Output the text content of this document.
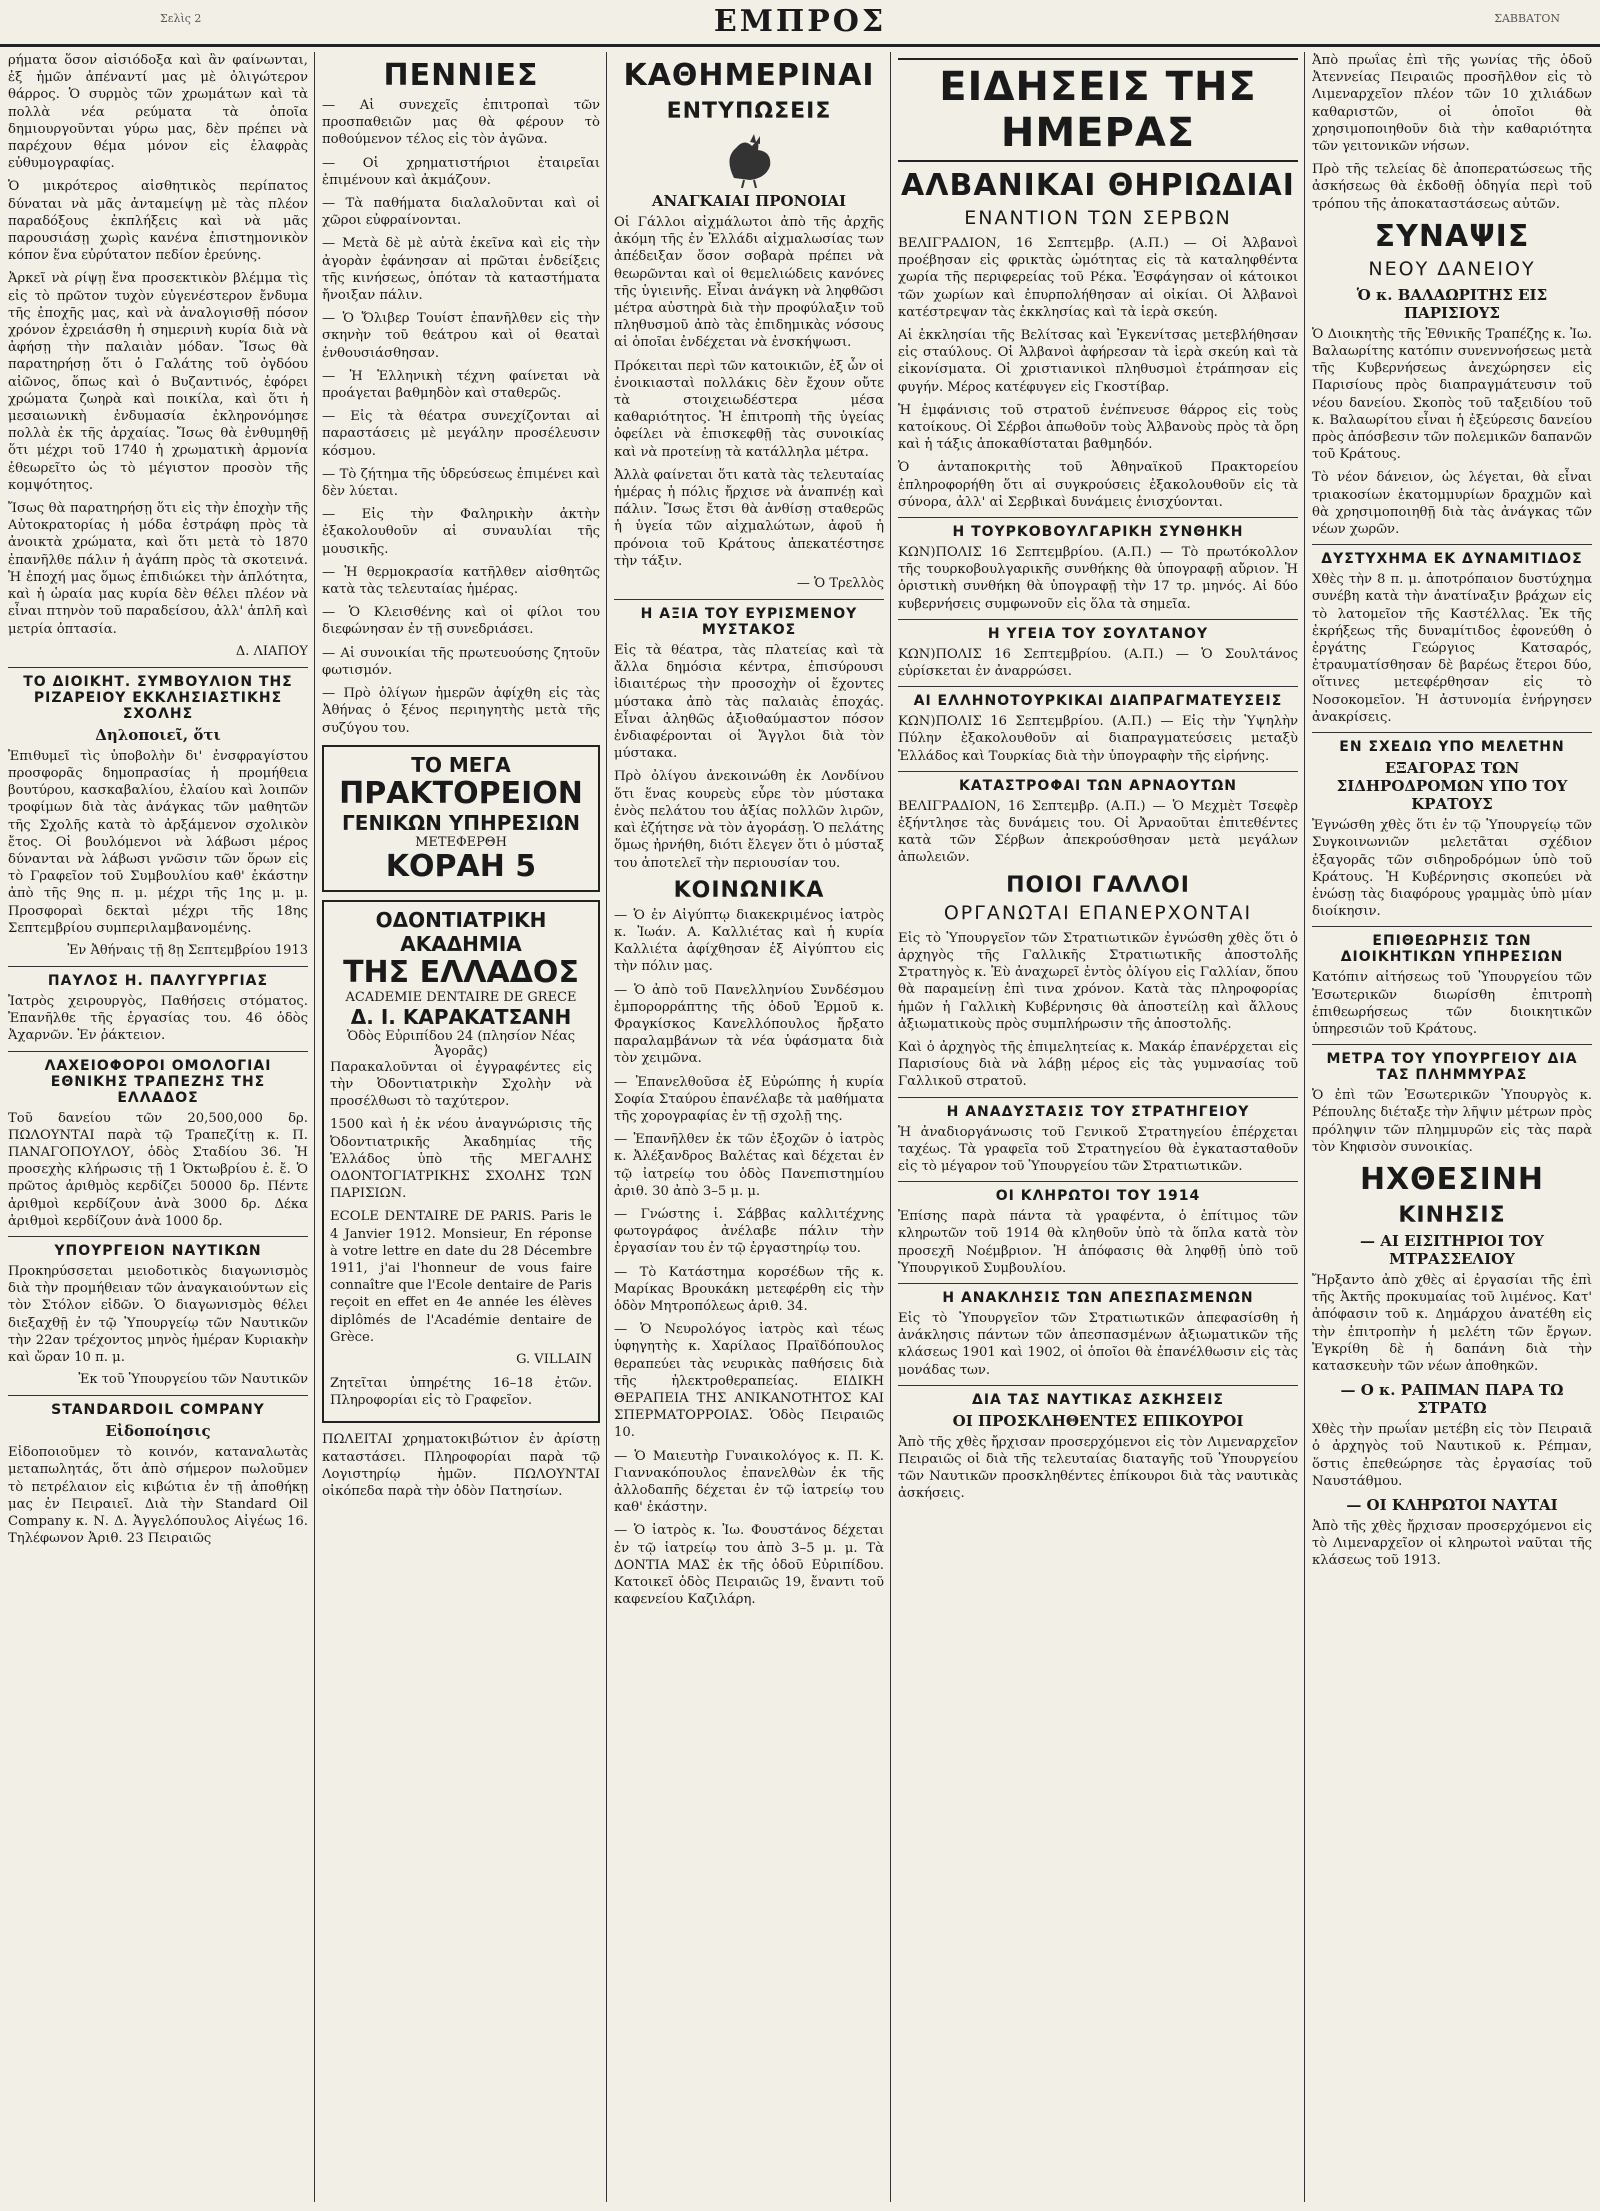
Σελὶς 2	ΕΜΠΡΟΣ	ΣΑΒΒΑΤΟΝ

ρήματα ὅσον αἰσιόδοξα καὶ ἂν φαίνωνται, ἐξ ἡμῶν ἀπέναντί μας μὲ ὀλιγώτερον θάρρος. Ὁ συρμὸς τῶν χρωμάτων καὶ τὰ πολλὰ νέα ρεύματα τὰ ὁποῖα δημιουργοῦνται γύρω μας, δὲν πρέπει νὰ παρέχουν θέμα μόνον εἰς ἐλαφρὰς εὐθυμογραφίας.

Ὁ μικρότερος αἰσθητικὸς περίπατος δύναται νὰ μᾶς ἀνταμείψῃ μὲ τὰς πλέον παραδόξους ἐκπλήξεις καὶ νὰ μᾶς παρουσιάσῃ χωρὶς κανένα ἐπιστημονικὸν κόπον ἕνα εὐρύτατον πεδίον ἐρεύνης.

Ἀρκεῖ νὰ ρίψῃ ἕνα προσεκτικὸν βλέμμα τὶς εἰς τὸ πρῶτον τυχὸν εὐγενέστερον ἔνδυμα τῆς ἐποχῆς μας, καὶ νὰ ἀναλογισθῇ πόσον χρόνον ἐχρειάσθη ἡ σημερινὴ κυρία διὰ νὰ ἀφήσῃ τὴν παλαιὰν μόδαν. Ἴσως θὰ παρατηρήσῃ ὅτι ὁ Γαλάτης τοῦ ὀγδόου αἰῶνος, ὅπως καὶ ὁ Βυζαντινός, ἐφόρει χρώματα ζωηρὰ καὶ ποικίλα, καὶ ὅτι ἡ μεσαιωνικὴ ἐνδυμασία ἐκληρονόμησε πολλὰ ἐκ τῆς ἀρχαίας. Ἴσως θὰ ἐνθυμηθῇ ὅτι μέχρι τοῦ 1740 ἡ χρωματικὴ ἀρμονία ἐθεωρεῖτο ὡς τὸ μέγιστον προσὸν τῆς κομψότητος.

Ἴσως θὰ παρατηρήσῃ ὅτι εἰς τὴν ἐποχὴν τῆς Αὐτοκρατορίας ἡ μόδα ἐστράφη πρὸς τὰ ἀνοικτὰ χρώματα, καὶ ὅτι μετὰ τὸ 1870 ἐπανῆλθε πάλιν ἡ ἀγάπη πρὸς τὰ σκοτεινά. Ἡ ἐποχή μας ὅμως ἐπιδιώκει τὴν ἁπλότητα, καὶ ἡ ὡραία μας κυρία δὲν θέλει πλέον νὰ εἶναι πτηνὸν τοῦ παραδείσου, ἀλλ' ἁπλῆ καὶ μετρία ὀπτασία.

Δ. ΛΙΑΠΟΥ

ΤΟ ΔΙΟΙΚΗΤ. ΣΥΜΒΟΥΛΙΟΝ ΤΗΣ ΡΙΖΑΡΕΙΟΥ ΕΚΚΛΗΣΙΑΣΤΙΚΗΣ ΣΧΟΛΗΣ
Δηλοποιεῖ, ὅτι

Ἐπιθυμεῖ τὶς ὑποβολὴν δι' ἐνσφραγίστου προσφορᾶς δημοπρασίας ἡ προμήθεια βουτύρου, κασκαβαλίου, ἐλαίου καὶ λοιπῶν τροφίμων διὰ τὰς ἀνάγκας τῶν μαθητῶν τῆς Σχολῆς κατὰ τὸ ἀρξάμενον σχολικὸν ἔτος. Οἱ βουλόμενοι νὰ λάβωσι μέρος δύνανται νὰ λάβωσι γνῶσιν τῶν ὅρων εἰς τὸ Γραφεῖον τοῦ Συμβουλίου καθ' ἑκάστην ἀπὸ τῆς 9ης π. μ. μέχρι τῆς 1ης μ. μ. Προσφοραὶ δεκταὶ μέχρι τῆς 18ης Σεπτεμβρίου συμπεριλαμβανομένης.

Ἐν Ἀθήναις τῇ 8ῃ Σεπτεμβρίου 1913

ΠΑΥΛΟΣ Η. ΠΑΛΥΓΥΡΓΙΑΣ

Ἰατρὸς χειρουργὸς, Παθήσεις στόματος. Ἐπανῆλθε τῆς ἐργασίας του. 46 ὁδὸς Ἀχαρνῶν. Ἐν ῥάκτειον.

ΛΑΧΕΙΟΦΟΡΟΙ ΟΜΟΛΟΓΙΑΙ ΕΘΝΙΚΗΣ ΤΡΑΠΕΖΗΣ ΤΗΣ ΕΛΛΑΔΟΣ

Τοῦ δανείου τῶν 20,500,000 δρ. ΠΩΛΟΥΝΤΑΙ παρὰ τῷ Τραπεζίτῃ κ. Π. ΠΑΝΑΓΟΠΟΥΛΟΥ, ὁδὸς Σταδίου 36. Ἡ προσεχὴς κλήρωσις τῇ 1 Ὀκτωβρίου ἐ. ἔ. Ὁ πρῶτος ἀριθμὸς κερδίζει 50000 δρ. Πέντε ἀριθμοὶ κερδίζουν ἀνὰ 3000 δρ. Δέκα ἀριθμοὶ κερδίζουν ἀνὰ 1000 δρ.

ΥΠΟΥΡΓΕΙΟΝ ΝΑΥΤΙΚΩΝ

Προκηρύσσεται μειοδοτικὸς διαγωνισμὸς διὰ τὴν προμήθειαν τῶν ἀναγκαιούντων εἰς τὸν Στόλον εἰδῶν. Ὁ διαγωνισμὸς θέλει διεξαχθῇ ἐν τῷ Ὑπουργείῳ τῶν Ναυτικῶν τὴν 22αν τρέχοντος μηνὸς ἡμέραν Κυριακὴν καὶ ὥραν 10 π. μ.

Ἐκ τοῦ Ὑπουργείου τῶν Ναυτικῶν

STANDARDOIL COMPANY
Εἰδοποίησις

Εἰδοποιοῦμεν τὸ κοινόν, καταναλωτὰς μεταπωλητάς, ὅτι ἀπὸ σήμερον πωλοῦμεν τὸ πετρέλαιον εἰς κιβώτια ἐν τῇ ἀποθήκῃ μας ἐν Πειραιεῖ. Διὰ τὴν Standard Oil Company κ. Ν. Δ. Ἀγγελόπουλος Αἰγέως 16. Τηλέφωνον Ἀριθ. 23 Πειραιῶς

ΠΕΝΝΙΕΣ

— Αἱ συνεχεῖς ἐπιτροπαὶ τῶν προσπαθειῶν μας θὰ φέρουν τὸ ποθούμενον τέλος εἰς τὸν ἀγῶνα.

— Οἱ χρηματιστήριοι ἐταιρεῖαι ἐπιμένουν καὶ ἀκμάζουν.

— Τὰ παθήματα διαλαλοῦνται καὶ οἱ χῶροι εὐφραίνονται.

— Μετὰ δὲ μὲ αὐτὰ ἐκεῖνα καὶ εἰς τὴν ἀγορὰν ἐφάνησαν αἱ πρῶται ἐνδείξεις τῆς κινήσεως, ὁπόταν τὰ καταστήματα ἤνοιξαν πάλιν.

— Ὁ Ὄλιβερ Τουίστ ἐπανῆλθεν εἰς τὴν σκηνὴν τοῦ θεάτρου καὶ οἱ θεαταὶ ἐνθουσιάσθησαν.

— Ἡ Ἑλληνικὴ τέχνη φαίνεται νὰ προάγεται βαθμηδὸν καὶ σταθερῶς.

— Εἰς τὰ θέατρα συνεχίζονται αἱ παραστάσεις μὲ μεγάλην προσέλευσιν κόσμου.

— Τὸ ζήτημα τῆς ὑδρεύσεως ἐπιμένει καὶ δὲν λύεται.

— Εἰς τὴν Φαληρικὴν ἀκτὴν ἐξακολουθοῦν αἱ συναυλίαι τῆς μουσικῆς.

— Ἡ θερμοκρασία κατῆλθεν αἰσθητῶς κατὰ τὰς τελευταίας ἡμέρας.

— Ὁ Κλεισθένης καὶ οἱ φίλοι του διεφώνησαν ἐν τῇ συνεδριάσει.

— Αἱ συνοικίαι τῆς πρωτευούσης ζητοῦν φωτισμόν.

— Πρὸ ὀλίγων ἡμερῶν ἀφίχθη εἰς τὰς Ἀθήνας ὁ ξένος περιηγητὴς μετὰ τῆς συζύγου του.

ΤΟ ΜΕΓΑ
ΠΡΑΚΤΟΡΕΙΟΝ
ΓΕΝΙΚΩΝ ΥΠΗΡΕΣΙΩΝ
ΜΕΤΕΦΕΡΘΗ
ΚΟΡΑΗ 5
ΟΔΟΝΤΙΑΤΡΙΚΗ ΑΚΑΔΗΜΙΑ
ΤΗΣ ΕΛΛΑΔΟΣ
ACADEMIE DENTAIRE DE GRECE
Δ. Ι. ΚΑΡΑΚΑΤΣΑΝΗ
Ὁδὸς Εὐριπίδου 24 (πλησίον Νέας Ἀγορᾶς)

Παρακαλοῦνται οἱ ἐγγραφέντες εἰς τὴν Ὀδοντιατρικὴν Σχολὴν νὰ προσέλθωσι τὸ ταχύτερον.

1500 καὶ ἡ ἐκ νέου ἀναγνώρισις τῆς Ὀδοντιατρικῆς Ἀκαδημίας τῆς Ἑλλάδος ὑπὸ τῆς ΜΕΓΑΛΗΣ ΟΔΟΝΤΟΓΙΑΤΡΙΚΗΣ ΣΧΟΛΗΣ ΤΩΝ ΠΑΡΙΣΙΩΝ.

ECOLE DENTAIRE DE PARIS. Paris le 4 Janvier 1912. Monsieur, En réponse à votre lettre en date du 28 Décembre 1911, j'ai l'honneur de vous faire connaître que l'Ecole dentaire de Paris reçoit en effet en 4e année les élèves diplômés de l'Académie dentaire de Grèce.

G. VILLAIN

Ζητεῖται ὑπηρέτης 16–18 ἐτῶν. Πληροφορίαι εἰς τὸ Γραφεῖον.

ΠΩΛΕΙΤΑΙ χρηματοκιβώτιον ἐν ἀρίστῃ καταστάσει. Πληροφορίαι παρὰ τῷ Λογιστηρίῳ ἡμῶν. ΠΩΛΟΥΝΤΑΙ οἰκόπεδα παρὰ τὴν ὁδὸν Πατησίων.

ΚΑΘΗΜΕΡΙΝΑΙ
ΕΝΤΥΠΩΣΕΙΣ
ΑΝΑΓΚΑΙΑΙ ΠΡΟΝΟΙΑΙ

Οἱ Γάλλοι αἰχμάλωτοι ἀπὸ τῆς ἀρχῆς ἀκόμη τῆς ἐν Ἑλλάδι αἰχμαλωσίας των ἀπέδειξαν ὅσον σοβαρὰ πρέπει νὰ θεωρῶνται καὶ οἱ θεμελιώδεις κανόνες τῆς ὑγιεινῆς. Εἶναι ἀνάγκη νὰ ληφθῶσι μέτρα αὐστηρὰ διὰ τὴν προφύλαξιν τοῦ πληθυσμοῦ ἀπὸ τὰς ἐπιδημικὰς νόσους αἱ ὁποῖαι ἐνδέχεται νὰ ἐνσκήψωσι.

Πρόκειται περὶ τῶν κατοικιῶν, ἐξ ὧν οἱ ἐνοικιασταὶ πολλάκις δὲν ἔχουν οὔτε τὰ στοιχειωδέστερα μέσα καθαριότητος. Ἡ ἐπιτροπὴ τῆς ὑγείας ὀφείλει νὰ ἐπισκεφθῇ τὰς συνοικίας καὶ νὰ προτείνῃ τὰ κατάλληλα μέτρα.

Ἀλλὰ φαίνεται ὅτι κατὰ τὰς τελευταίας ἡμέρας ἡ πόλις ἤρχισε νὰ ἀναπνέῃ καὶ πάλιν. Ἴσως ἔτσι θὰ ἀνθίσῃ σταθερῶς ἡ ὑγεία τῶν αἰχμαλώτων, ἀφοῦ ἡ πρόνοια τοῦ Κράτους ἀπεκατέστησε τὴν τάξιν.

— Ὁ Τρελλὸς

Η ΑΞΙΑ ΤΟΥ ΕΥΡΙΣΜΕΝΟΥ ΜΥΣΤΑΚΟΣ

Εἰς τὰ θέατρα, τὰς πλατείας καὶ τὰ ἄλλα δημόσια κέντρα, ἐπισύρουσι ἰδιαιτέρως τὴν προσοχὴν οἱ ἔχοντες μύστακα ἀπὸ τὰς παλαιὰς ἐποχάς. Εἶναι ἀληθῶς ἀξιοθαύμαστον πόσον ἐνδιαφέρονται οἱ Ἄγγλοι διὰ τὸν μύστακα.

Πρὸ ὀλίγου ἀνεκοινώθη ἐκ Λονδίνου ὅτι ἕνας κουρεὺς εὗρε τὸν μύστακα ἑνὸς πελάτου του ἀξίας πολλῶν λιρῶν, καὶ ἐζήτησε νὰ τὸν ἀγοράσῃ. Ὁ πελάτης ὅμως ἠρνήθη, διότι ἔλεγεν ὅτι ὁ μύσταξ του ἀποτελεῖ τὴν περιουσίαν του.

ΚΟΙΝΩΝΙΚΑ

— Ὁ ἐν Αἰγύπτῳ διακεκριμένος ἰατρὸς κ. Ἰωάν. Α. Καλλιέτας καὶ ἡ κυρία Καλλιέτα ἀφίχθησαν ἐξ Αἰγύπτου εἰς τὴν πόλιν μας.

— Ὁ ἀπὸ τοῦ Πανελληνίου Συνδέσμου ἐμπορορράπτης τῆς ὁδοῦ Ἑρμοῦ κ. Φραγκίσκος Κανελλόπουλος ἤρξατο παραλαμβάνων τὰ νέα ὑφάσματα διὰ τὸν χειμῶνα.

— Ἐπανελθοῦσα ἐξ Εὐρώπης ἡ κυρία Σοφία Σταύρου ἐπανέλαβε τὰ μαθήματα τῆς χορογραφίας ἐν τῇ σχολῇ της.

— Ἐπανῆλθεν ἐκ τῶν ἐξοχῶν ὁ ἰατρὸς κ. Ἀλέξανδρος Βαλέτας καὶ δέχεται ἐν τῷ ἰατρείῳ του ὁδὸς Πανεπιστημίου ἀριθ. 30 ἀπὸ 3–5 μ. μ.

— Γνώστης ἱ. Σάββας καλλιτέχνης φωτογράφος ἀνέλαβε πάλιν τὴν ἐργασίαν του ἐν τῷ ἐργαστηρίῳ του.

— Τὸ Κατάστημα κορσέδων τῆς κ. Μαρίκας Βρουκάκη μετεφέρθη εἰς τὴν ὁδὸν Μητροπόλεως ἀριθ. 34.

— Ὁ Νευρολόγος ἰατρὸς καὶ τέως ὑφηγητὴς κ. Χαρίλαος Πραϊδόπουλος θεραπεύει τὰς νευρικὰς παθήσεις διὰ τῆς ἠλεκτροθεραπείας. ΕΙΔΙΚΗ ΘΕΡΑΠΕΙΑ ΤΗΣ ΑΝΙΚΑΝΟΤΗΤΟΣ ΚΑΙ ΣΠΕΡΜΑΤΟΡΡΟΙΑΣ. Ὁδὸς Πειραιῶς 10.

— Ὁ Μαιευτὴρ Γυναικολόγος κ. Π. Κ. Γιαννακόπουλος ἐπανελθὼν ἐκ τῆς ἀλλοδαπῆς δέχεται ἐν τῷ ἰατρείῳ του καθ' ἑκάστην.

— Ὁ ἰατρὸς κ. Ἰω. Φουστάνος δέχεται ἐν τῷ ἰατρείῳ του ἀπὸ 3–5 μ. μ. Τὰ ΔΟΝΤΙΑ ΜΑΣ ἐκ τῆς ὁδοῦ Εὐριπίδου. Κατοικεῖ ὁδὸς Πειραιῶς 19, ἔναντι τοῦ καφενείου Καζιλάρη.

ΕΙΔΗΣΕΙΣ ΤΗΣ ΗΜΕΡΑΣ
ΑΛΒΑΝΙΚΑΙ ΘΗΡΙΩΔΙΑΙ
ΕΝΑΝΤΙΟΝ ΤΩΝ ΣΕΡΒΩΝ

ΒΕΛΙΓΡΑΔΙΟΝ, 16 Σεπτεμβρ. (Α.Π.) — Οἱ Ἀλβανοὶ προέβησαν εἰς φρικτὰς ὠμότητας εἰς τὰ καταληφθέντα χωρία τῆς περιφερείας τοῦ Ρέκα. Ἐσφάγησαν οἱ κάτοικοι τῶν χωρίων καὶ ἐπυρπολήθησαν αἱ οἰκίαι. Οἱ Ἀλβανοὶ κατέστρεψαν τὰς ἐκκλησίας καὶ τὰ ἱερὰ σκεύη.

Αἱ ἐκκλησίαι τῆς Βελίτσας καὶ Ἐγκενίτσας μετεβλήθησαν εἰς σταύλους. Οἱ Ἀλβανοὶ ἀφήρεσαν τὰ ἱερὰ σκεύη καὶ τὰ εἰκονίσματα. Οἱ χριστιανικοὶ πληθυσμοὶ ἐτράπησαν εἰς φυγήν. Μέρος κατέφυγεν εἰς Γκοστίβαρ.

Ἡ ἐμφάνισις τοῦ στρατοῦ ἐνέπνευσε θάρρος εἰς τοὺς κατοίκους. Οἱ Σέρβοι ἀπωθοῦν τοὺς Ἀλβανοὺς πρὸς τὰ ὄρη καὶ ἡ τάξις ἀποκαθίσταται βαθμηδόν.

Ὁ ἀνταποκριτὴς τοῦ Ἀθηναϊκοῦ Πρακτορείου ἐπληροφορήθη ὅτι αἱ συγκρούσεις ἐξακολουθοῦν εἰς τὰ σύνορα, ἀλλ' αἱ Σερβικαὶ δυνάμεις ἐνισχύονται.

Η ΤΟΥΡΚΟΒΟΥΛΓΑΡΙΚΗ ΣΥΝΘΗΚΗ

ΚΩΝ)ΠΟΛΙΣ 16 Σεπτεμβρίου. (Α.Π.) — Τὸ πρωτόκολλον τῆς τουρκοβουλγαρικῆς συνθήκης θὰ ὑπογραφῇ αὔριον. Ἡ ὁριστικὴ συνθήκη θὰ ὑπογραφῇ τὴν 17 τρ. μηνός. Αἱ δύο κυβερνήσεις συμφωνοῦν εἰς ὅλα τὰ σημεῖα.

Η ΥΓΕΙΑ ΤΟΥ ΣΟΥΛΤΑΝΟΥ

ΚΩΝ)ΠΟΛΙΣ 16 Σεπτεμβρίου. (Α.Π.) — Ὁ Σουλτάνος εὑρίσκεται ἐν ἀναρρώσει.

ΑΙ ΕΛΛΗΝΟΤΟΥΡΚΙΚΑΙ ΔΙΑΠΡΑΓΜΑΤΕΥΣΕΙΣ

ΚΩΝ)ΠΟΛΙΣ 16 Σεπτεμβρίου. (Α.Π.) — Εἰς τὴν Ὑψηλὴν Πύλην ἐξακολουθοῦν αἱ διαπραγματεύσεις μεταξὺ Ἑλλάδος καὶ Τουρκίας διὰ τὴν ὑπογραφὴν τῆς εἰρήνης.

ΚΑΤΑΣΤΡΟΦΑΙ ΤΩΝ ΑΡΝΑΟΥΤΩΝ

ΒΕΛΙΓΡΑΔΙΟΝ, 16 Σεπτεμβρ. (Α.Π.) — Ὁ Μεχμὲτ Τσεφὲρ ἐξήντλησε τὰς δυνάμεις του. Οἱ Ἀρναοῦται ἐπιτεθέντες κατὰ τῶν Σέρβων ἀπεκρούσθησαν μετὰ μεγάλων ἀπωλειῶν.

ΠΟΙΟΙ ΓΑΛΛΟΙ
ΟΡΓΑΝΩΤΑΙ ΕΠΑΝΕΡΧΟΝΤΑΙ

Εἰς τὸ Ὑπουργεῖον τῶν Στρατιωτικῶν ἐγνώσθη χθὲς ὅτι ὁ ἀρχηγὸς τῆς Γαλλικῆς Στρατιωτικῆς ἀποστολῆς Στρατηγὸς κ. Ἐὺ ἀναχωρεῖ ἐντὸς ὀλίγου εἰς Γαλλίαν, ὅπου θὰ παραμείνῃ ἐπὶ τινα χρόνον. Κατὰ τὰς πληροφορίας ἡμῶν ἡ Γαλλικὴ Κυβέρνησις θὰ ἀποστείλῃ καὶ ἄλλους ἀξιωματικοὺς πρὸς συμπλήρωσιν τῆς ἀποστολῆς.

Καὶ ὁ ἀρχηγὸς τῆς ἐπιμελητείας κ. Μακάρ ἐπανέρχεται εἰς Παρισίους διὰ νὰ λάβῃ μέρος εἰς τὰς γυμνασίας τοῦ Γαλλικοῦ στρατοῦ.

Η ΑΝΑΔΥΣΤΑΣΙΣ ΤΟΥ ΣΤΡΑΤΗΓΕΙΟΥ

Ἡ ἀναδιοργάνωσις τοῦ Γενικοῦ Στρατηγείου ἐπέρχεται ταχέως. Τὰ γραφεῖα τοῦ Στρατηγείου θὰ ἐγκατασταθοῦν εἰς τὸ μέγαρον τοῦ Ὑπουργείου τῶν Στρατιωτικῶν.

ΟΙ ΚΛΗΡΩΤΟΙ ΤΟΥ 1914

Ἐπίσης παρὰ πάντα τὰ γραφέντα, ὁ ἐπίτιμος τῶν κληρωτῶν τοῦ 1914 θὰ κληθοῦν ὑπὸ τὰ ὅπλα κατὰ τὸν προσεχῆ Νοέμβριον. Ἡ ἀπόφασις θὰ ληφθῇ ὑπὸ τοῦ Ὑπουργικοῦ Συμβουλίου.

Η ΑΝΑΚΛΗΣΙΣ ΤΩΝ ΑΠΕΣΠΑΣΜΕΝΩΝ

Εἰς τὸ Ὑπουργεῖον τῶν Στρατιωτικῶν ἀπεφασίσθη ἡ ἀνάκλησις πάντων τῶν ἀπεσπασμένων ἀξιωματικῶν τῆς κλάσεως 1901 καὶ 1902, οἱ ὁποῖοι θὰ ἐπανέλθωσιν εἰς τὰς μονάδας των.

ΔΙΑ ΤΑΣ ΝΑΥΤΙΚΑΣ ΑΣΚΗΣΕΙΣ
ΟΙ ΠΡΟΣΚΛΗΘΕΝΤΕΣ ΕΠΙΚΟΥΡΟΙ

Ἀπὸ τῆς χθὲς ἤρχισαν προσερχόμενοι εἰς τὸν Λιμεναρχεῖον Πειραιῶς οἱ διὰ τῆς τελευταίας διαταγῆς τοῦ Ὑπουργείου τῶν Ναυτικῶν προσκληθέντες ἐπίκουροι διὰ τὰς ναυτικὰς ἀσκήσεις.

Ἀπὸ πρωΐας ἐπὶ τῆς γωνίας τῆς ὁδοῦ Ἀτεννείας Πειραιῶς προσῆλθον εἰς τὸ Λιμεναρχεῖον πλέον τῶν 10 χιλιάδων καθαριστῶν, οἱ ὁποῖοι θὰ χρησιμοποιηθοῦν διὰ τὴν καθαριότητα τῶν γειτονικῶν νήσων.

Πρὸ τῆς τελείας δὲ ἀποπερατώσεως τῆς ἀσκήσεως θὰ ἐκδοθῇ ὁδηγία περὶ τοῦ τρόπου τῆς ἀποκαταστάσεως αὐτῶν.

ΣΥΝΑΨΙΣ
ΝΕΟΥ ΔΑΝΕΙΟΥ
Ὁ κ. ΒΑΛΑΩΡΙΤΗΣ ΕΙΣ ΠΑΡΙΣΙΟΥΣ

Ὁ Διοικητὴς τῆς Ἐθνικῆς Τραπέζης κ. Ἰω. Βαλαωρίτης κατόπιν συνεννοήσεως μετὰ τῆς Κυβερνήσεως ἀνεχώρησεν εἰς Παρισίους πρὸς διαπραγμάτευσιν τοῦ νέου δανείου. Σκοπὸς τοῦ ταξειδίου τοῦ κ. Βαλαωρίτου εἶναι ἡ ἐξεύρεσις δανείου πρὸς ἀπόσβεσιν τῶν πολεμικῶν δαπανῶν τοῦ Κράτους.

Τὸ νέον δάνειον, ὡς λέγεται, θὰ εἶναι τριακοσίων ἑκατομμυρίων δραχμῶν καὶ θὰ χρησιμοποιηθῇ διὰ τὰς ἀνάγκας τῶν νέων χωρῶν.

ΔΥΣΤΥΧΗΜΑ ΕΚ ΔΥΝΑΜΙΤΙΔΟΣ

Χθὲς τὴν 8 π. μ. ἀποτρόπαιον δυστύχημα συνέβη κατὰ τὴν ἀνατίναξιν βράχων εἰς τὸ λατομεῖον τῆς Καστέλλας. Ἐκ τῆς ἐκρήξεως τῆς δυναμίτιδος ἐφονεύθη ὁ ἐργάτης Γεώργιος Κατσαρός, ἐτραυματίσθησαν δὲ βαρέως ἕτεροι δύο, οἵτινες μετεφέρθησαν εἰς τὸ Νοσοκομεῖον. Ἡ ἀστυνομία ἐνήργησεν ἀνακρίσεις.

ΕΝ ΣΧΕΔΙΩ ΥΠΟ ΜΕΛΕΤΗΝ
ΕΞΑΓΟΡΑΣ ΤΩΝ ΣΙΔΗΡΟΔΡΟΜΩΝ ΥΠΟ ΤΟΥ ΚΡΑΤΟΥΣ

Ἐγνώσθη χθὲς ὅτι ἐν τῷ Ὑπουργείῳ τῶν Συγκοινωνιῶν μελετᾶται σχέδιον ἐξαγορᾶς τῶν σιδηροδρόμων ὑπὸ τοῦ Κράτους. Ἡ Κυβέρνησις σκοπεύει νὰ ἑνώσῃ τὰς διαφόρους γραμμὰς ὑπὸ μίαν διοίκησιν.

ΕΠΙΘΕΩΡΗΣΙΣ ΤΩΝ ΔΙΟΙΚΗΤΙΚΩΝ ΥΠΗΡΕΣΙΩΝ

Κατόπιν αἰτήσεως τοῦ Ὑπουργείου τῶν Ἐσωτερικῶν διωρίσθη ἐπιτροπὴ ἐπιθεωρήσεως τῶν διοικητικῶν ὑπηρεσιῶν τοῦ Κράτους.

ΜΕΤΡΑ ΤΟΥ ΥΠΟΥΡΓΕΙΟΥ ΔΙΑ ΤΑΣ ΠΛΗΜΜΥΡΑΣ

Ὁ ἐπὶ τῶν Ἐσωτερικῶν Ὑπουργὸς κ. Ρέπουλης διέταξε τὴν λῆψιν μέτρων πρὸς πρόληψιν τῶν πλημμυρῶν εἰς τὰς παρὰ τὸν Κηφισὸν συνοικίας.

ΗΧΘΕΣΙΝΗ
ΚΙΝΗΣΙΣ
— ΑΙ ΕΙΣΙΤΗΡΙΟΙ ΤΟΥ ΜΤΡΑΣΣΕΛΙΟΥ

Ἤρξαντο ἀπὸ χθὲς αἱ ἐργασίαι τῆς ἐπὶ τῆς Ἀκτῆς προκυμαίας τοῦ λιμένος. Κατ' ἀπόφασιν τοῦ κ. Δημάρχου ἀνατέθη εἰς τὴν ἐπιτροπὴν ἡ μελέτη τῶν ἔργων. Ἐγκρίθη δὲ ἡ δαπάνη διὰ τὴν κατασκευὴν τῶν νέων ἀποθηκῶν.

— Ο κ. ΡΑΠΜΑΝ ΠΑΡΑ ΤΩ ΣΤΡΑΤΩ

Χθὲς τὴν πρωΐαν μετέβη εἰς τὸν Πειραιᾶ ὁ ἀρχηγὸς τοῦ Ναυτικοῦ κ. Ρέπμαν, ὅστις ἐπεθεώρησε τὰς ἐργασίας τοῦ Ναυστάθμου.

— ΟΙ ΚΛΗΡΩΤΟΙ ΝΑΥΤΑΙ

Ἀπὸ τῆς χθὲς ἤρχισαν προσερχόμενοι εἰς τὸ Λιμεναρχεῖον οἱ κληρωτοὶ ναῦται τῆς κλάσεως τοῦ 1913.
